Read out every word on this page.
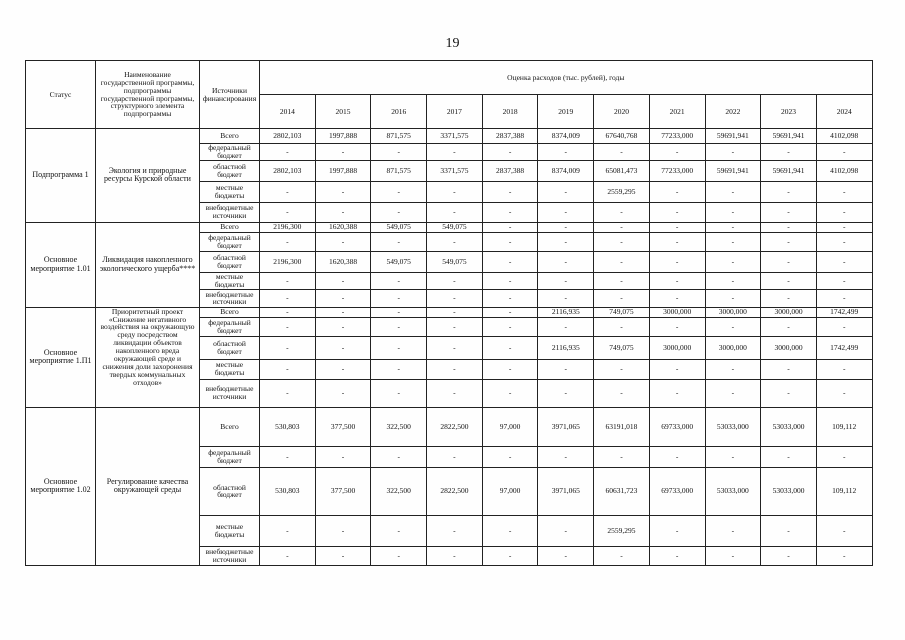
19
Статус	Наименование государственной программы, подпрограммы государственной программы, структурного элемента подпрограммы	Источники финансирования	Оценка расходов (тыс. рублей), годы										
			2014	2015	2016	2017	2018	2019	2020	2021	2022	2023	2024
Подпрограмма 1	Экология и природные ресурсы Курской области	Всего	2802,103	1997,888	871,575	3371,575	2837,388	8374,009	67640,768	77233,000	59691,941	59691,941	4102,098
		федеральный бюджет	-	-	-	-	-	-	-	-	-	-	-
		областной бюджет	2802,103	1997,888	871,575	3371,575	2837,388	8374,009	65081,473	77233,000	59691,941	59691,941	4102,098
		местные бюджеты	-	-	-	-	-	-	2559,295	-	-	-	-
		внебюджетные источники	-	-	-	-	-	-	-	-	-	-	-
Основное мероприятие 1.01	Ликвидация накопленного экологического ущерба****	Всего	2196,300	1620,388	549,075	549,075	-	-	-	-	-	-	-
		федеральный бюджет	-	-	-	-	-	-	-	-	-	-	-
		областной бюджет	2196,300	1620,388	549,075	549,075	-	-	-	-	-	-	-
		местные бюджеты	-	-	-	-	-	-	-	-	-	-	-
		внебюджетные источники	-	-	-	-	-	-	-	-	-	-	-
Основное мероприятие 1.П1	Приоритетный проект «Снижение негативного воздействия на окружающую среду посредством ликвидации объектов накопленного вреда окружающей среде и снижения доли захоронения твердых коммунальных отходов»	Всего	-	-	-	-	-	2116,935	749,075	3000,000	3000,000	3000,000	1742,499
		федеральный бюджет	-	-	-	-	-	-	-	-	-	-	-
		областной бюджет	-	-	-	-	-	2116,935	749,075	3000,000	3000,000	3000,000	1742,499
		местные бюджеты	-	-	-	-	-	-	-	-	-	-	-
		внебюджетные источники	-	-	-	-	-	-	-	-	-	-	-
Основное мероприятие 1.02	Регулирование качества окружающей среды	Всего	530,803	377,500	322,500	2822,500	97,000	3971,065	63191,018	69733,000	53033,000	53033,000	109,112
		федеральный бюджет	-	-	-	-	-	-	-	-	-	-	-
		областной бюджет	530,803	377,500	322,500	2822,500	97,000	3971,065	60631,723	69733,000	53033,000	53033,000	109,112
		местные бюджеты	-	-	-	-	-	-	2559,295	-	-	-	-
		внебюджетные источники	-	-	-	-	-	-	-	-	-	-	-
